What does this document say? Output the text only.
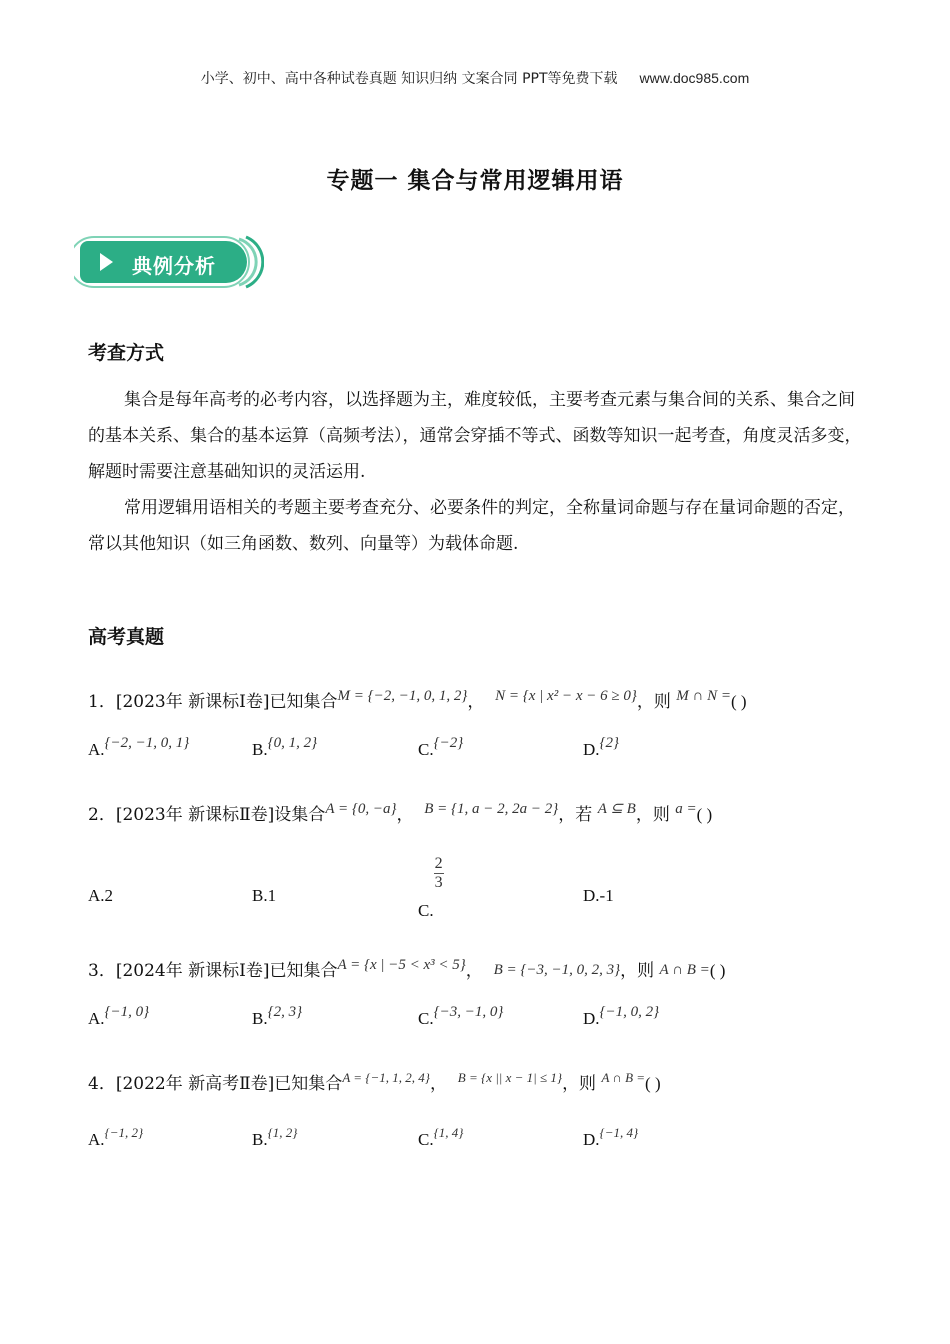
小学、初中、高中各种试卷真题 知识归纳 文案合同 PPT等免费下载 www.doc985.com
专题一 集合与常用逻辑用语
典例分析
考查方式

集合是每年高考的必考内容，以选择题为主，难度较低，主要考查元素与集合间的关系、集合之间的基本关系、集合的基本运算（高频考法），通常会穿插不等式、函数等知识一起考查，角度灵活多变，解题时需要注意基础知识的灵活运用.

常用逻辑用语相关的考题主要考查充分、必要条件的判定，全称量词命题与存在量词命题的否定，常以其他知识（如三角函数、数列、向量等）为载体命题.

高考真题
1．[2023年 新课标Ⅰ卷]已知集合M = {−2, −1, 0, 1, 2}， N = {x | x² − x − 6 ≥ 0}，则 M ∩ N =( )
A.{−2, −1, 0, 1}	B.{0, 1, 2}	C.{−2}	D.{2}
2．[2023年 新课标Ⅱ卷]设集合A = {0, −a}， B = {1, a − 2, 2a − 2}，若 A ⊆ B，则 a =( )
A.2	B.1
C.
$\frac{2}{3}$
D.-1
3．[2024年 新课标Ⅰ卷]已知集合A = {x | −5 < x³ < 5}， B = {−3, −1, 0, 2, 3}，则 A ∩ B =( )
A.{−1, 0}	B.{2, 3}	C.{−3, −1, 0}	D.{−1, 0, 2}
4．[2022年 新高考Ⅱ卷]已知集合$^{A = \{-1, 1, 2, 4\}}$， $^{B = \{x || x - 1| \le 1\}}$，则 $^{A \cap B =}$( )
A.$^{\{-1, 2\}}$	B.$^{\{1, 2\}}$	C.$^{\{1, 4\}}$	D.$^{\{-1, 4\}}$
